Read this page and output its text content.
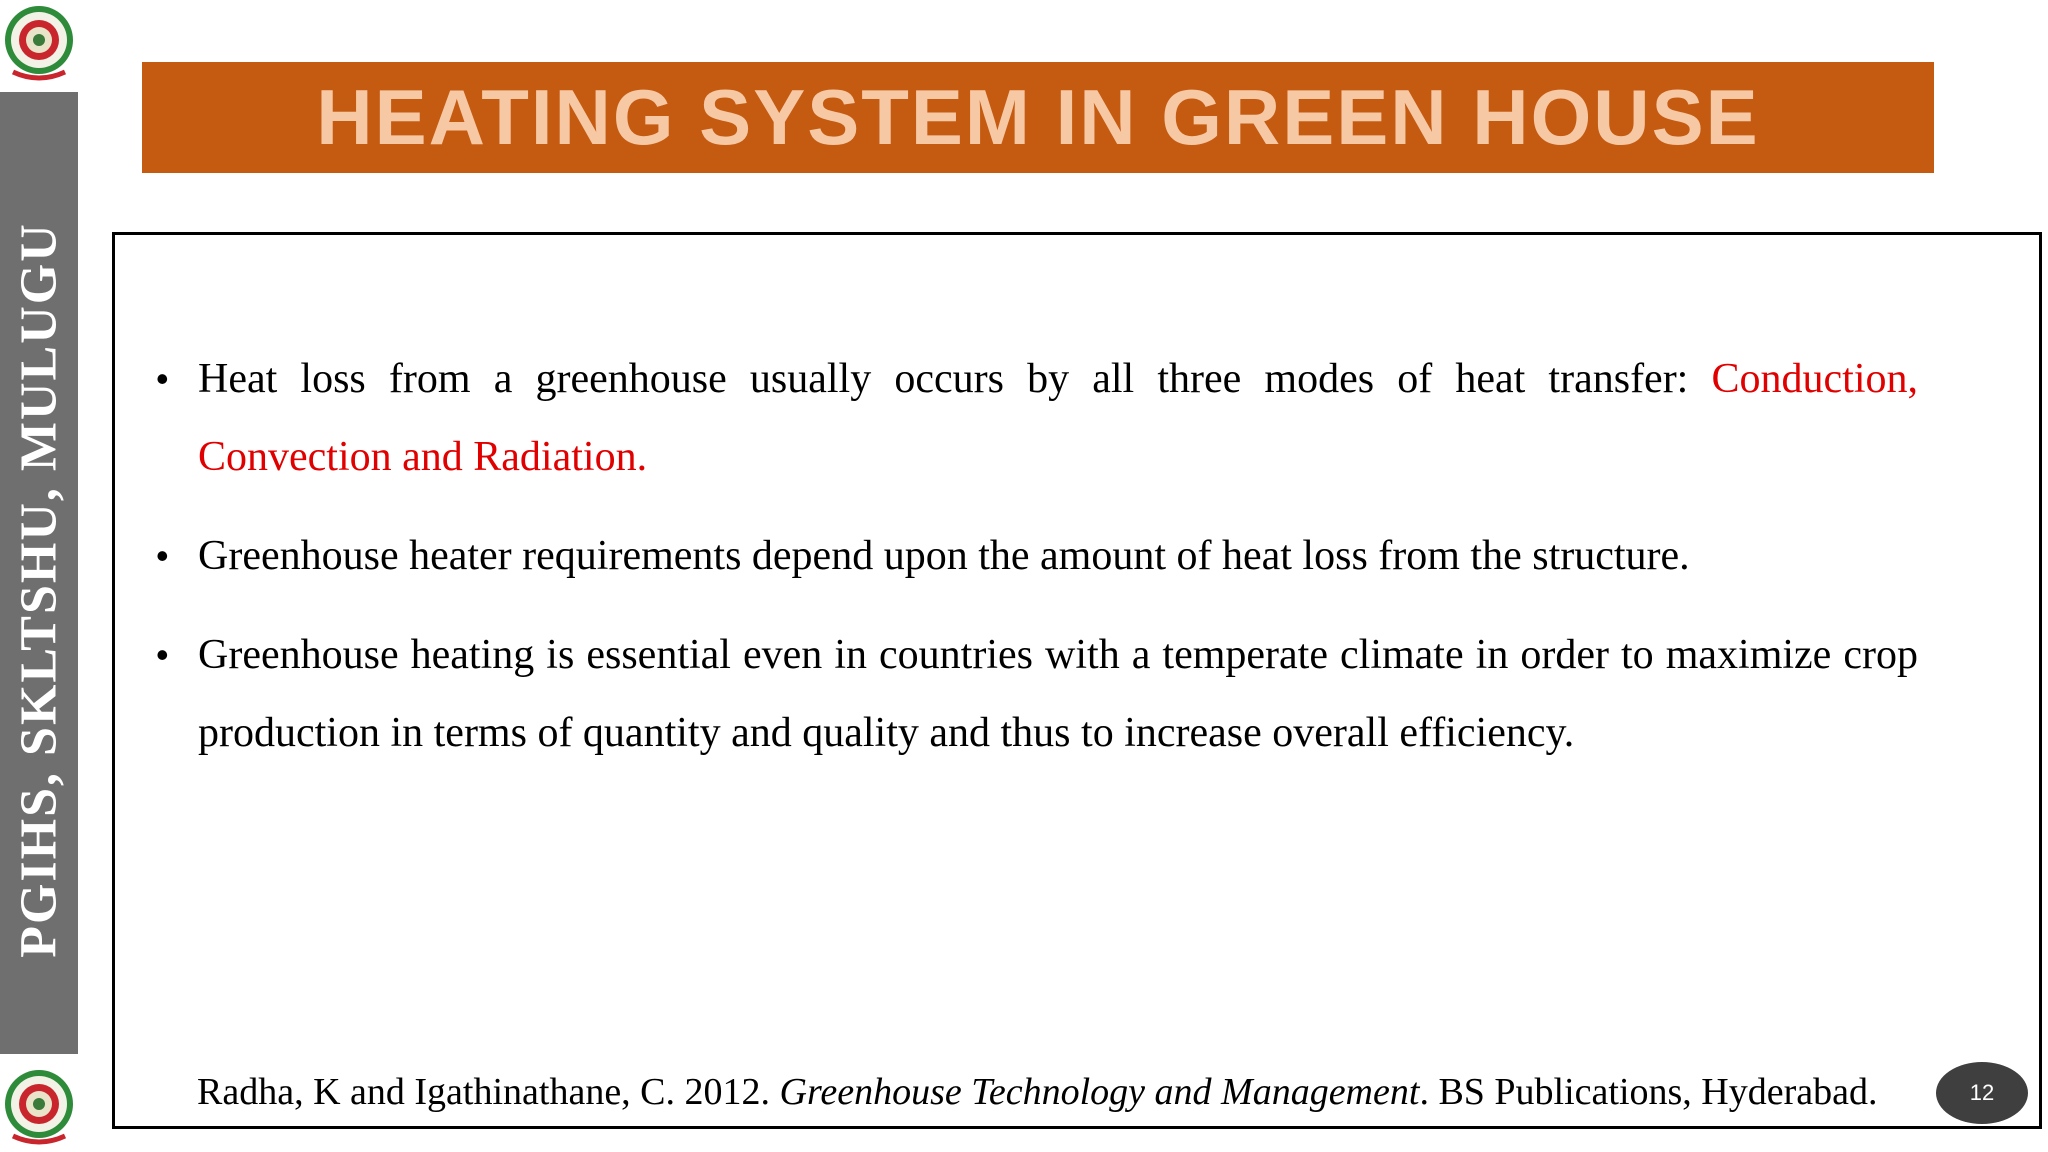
PGIHS, SKLTSHU, MULUGU
HEATING SYSTEM IN GREEN HOUSE
• Heat loss from a greenhouse usually occurs by all three modes of heat transfer: Conduction, Convection and Radiation.
• Greenhouse heater requirements depend upon the amount of heat loss from the structure.
• Greenhouse heating is essential even in countries with a temperate climate in order to maximize crop production in terms of quantity and quality and thus to increase overall efficiency.
Radha, K and Igathinathane, C. 2012. Greenhouse Technology and Management. BS Publications, Hyderabad.	12
